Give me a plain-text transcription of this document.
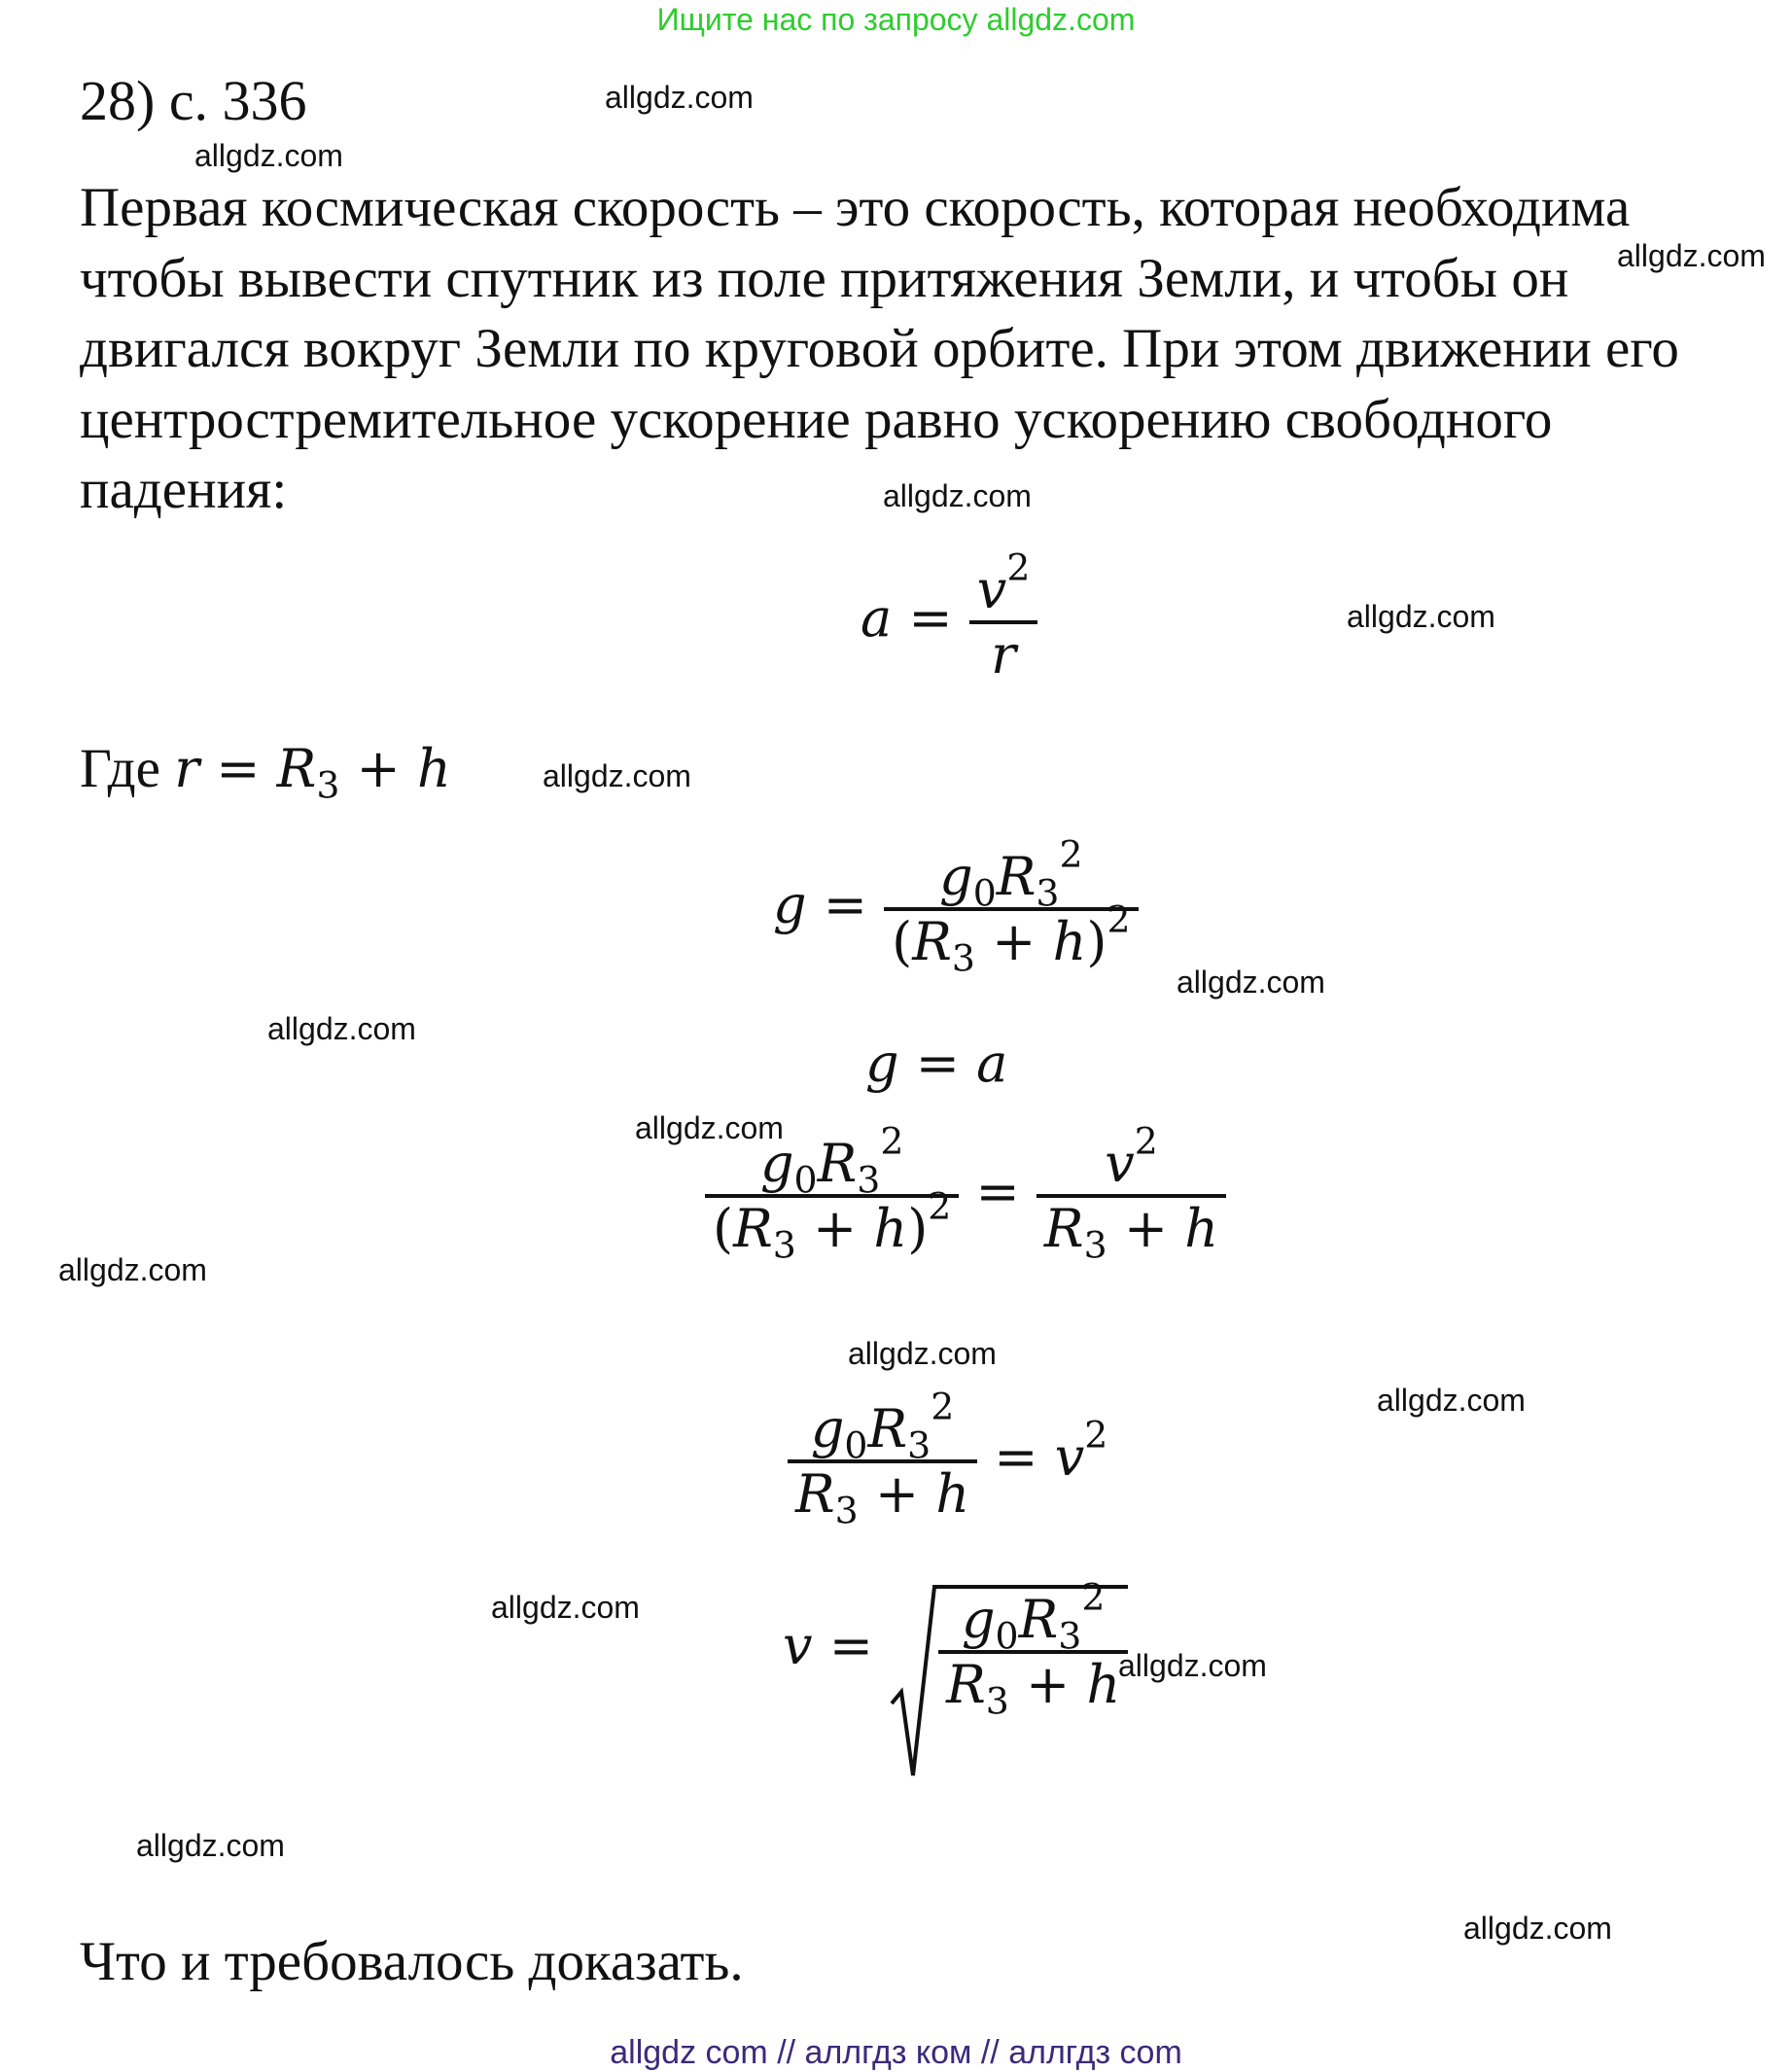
Ищите нас по запросу allgdz.com
28) с. 336
Первая космическая скорость – это скорость, которая необходима
чтобы вывести спутник из поле притяжения Земли, и чтобы он
двигался вокруг Земли по круговой орбите. При этом движении его
центростремительное ускорение равно ускорению свободного
падения:
$a = \frac{v^2}{r}$
Где $r = R_3 + h$
$g = \frac{g_0R_3^2}{(R_3 + h)^2}$
g = a
$\frac{g_0R_3^2}{(R_3 + h)^2} = \frac{v^2}{R_3 + h}$
$\frac{g_0R_3^2}{R_3 + h} = v^2$
$v = \frac{g_0R_3^2}{R_3 + h}$
Что и требовалось доказать.
allgdz.com
allgdz.com
allgdz.com
allgdz.com
allgdz.com
allgdz.com
allgdz.com
allgdz.com
allgdz.com
allgdz.com
allgdz.com
allgdz.com
allgdz.com
allgdz.com
allgdz.com
allgdz.com
allgdz com // аллгдз ком // аллгдз com
